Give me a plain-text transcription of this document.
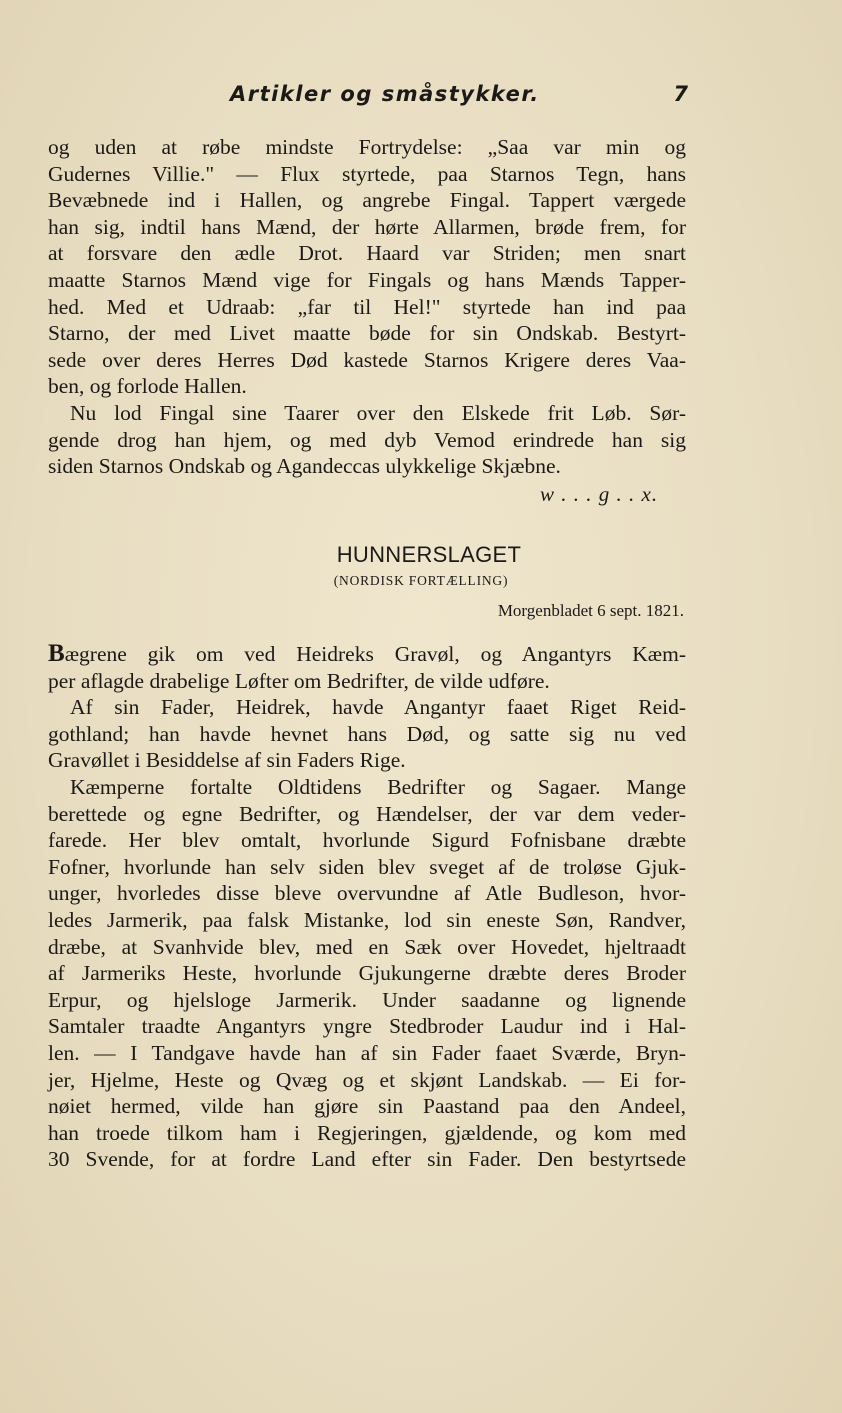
Artikler og småstykker.	7
og uden at røbe mindste Fortrydelse: „Saa var min og
Gudernes Villie." — Flux styrtede, paa Starnos Tegn, hans
Bevæbnede ind i Hallen, og angrebe Fingal. Tappert værgede
han sig, indtil hans Mænd, der hørte Allarmen, brøde frem, for
at forsvare den ædle Drot. Haard var Striden; men snart
maatte Starnos Mænd vige for Fingals og hans Mænds Tapper-
hed. Med et Udraab: „far til Hel!" styrtede han ind paa
Starno, der med Livet maatte bøde for sin Ondskab. Bestyrt-
sede over deres Herres Død kastede Starnos Krigere deres Vaa-
ben, og forlode Hallen.
Nu lod Fingal sine Taarer over den Elskede frit Løb. Sør-
gende drog han hjem, og med dyb Vemod erindrede han sig
siden Starnos Ondskab og Agandeccas ulykkelige Skjæbne.
w . . . g . . x.
HUNNERSLAGET
(NORDISK FORTÆLLING)
Morgenbladet 6 sept. 1821.
Bægrene gik om ved Heidreks Gravøl, og Angantyrs Kæm-
per aflagde drabelige Løfter om Bedrifter, de vilde udføre.
Af sin Fader, Heidrek, havde Angantyr faaet Riget Reid-
gothland; han havde hevnet hans Død, og satte sig nu ved
Gravøllet i Besiddelse af sin Faders Rige.
Kæmperne fortalte Oldtidens Bedrifter og Sagaer. Mange
berettede og egne Bedrifter, og Hændelser, der var dem veder-
farede. Her blev omtalt, hvorlunde Sigurd Fofnisbane dræbte
Fofner, hvorlunde han selv siden blev sveget af de troløse Gjuk-
unger, hvorledes disse bleve overvundne af Atle Budleson, hvor-
ledes Jarmerik, paa falsk Mistanke, lod sin eneste Søn, Randver,
dræbe, at Svanhvide blev, med en Sæk over Hovedet, hjeltraadt
af Jarmeriks Heste, hvorlunde Gjukungerne dræbte deres Broder
Erpur, og hjelsloge Jarmerik. Under saadanne og lignende
Samtaler traadte Angantyrs yngre Stedbroder Laudur ind i Hal-
len. — I Tandgave havde han af sin Fader faaet Sværde, Bryn-
jer, Hjelme, Heste og Qvæg og et skjønt Landskab. — Ei for-
nøiet hermed, vilde han gjøre sin Paastand paa den Andeel,
han troede tilkom ham i Regjeringen, gjældende, og kom med
30 Svende, for at fordre Land efter sin Fader. Den bestyrtsede
